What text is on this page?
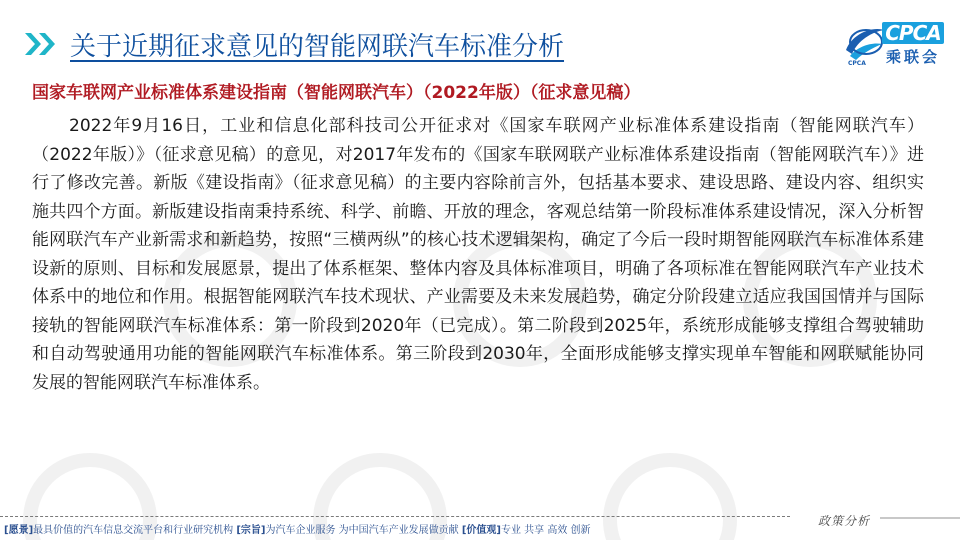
关于近期征求意见的智能网联汽车标准分析	CPCA
乘联会
CPCA
国家车联网产业标准体系建设指南（智能网联汽车）（2022年版）（征求意见稿）

2022年9月16日，工业和信息化部科技司公开征求对《国家车联网产业标准体系建设指南（智能网联汽车）（2022年版）》（征求意见稿）的意见，对2017年发布的《国家车联网联产业标准体系建设指南（智能网联汽车）》进行了修改完善。新版《建设指南》（征求意见稿）的主要内容除前言外，包括基本要求、建设思路、建设内容、组织实施共四个方面。新版建设指南秉持系统、科学、前瞻、开放的理念，客观总结第一阶段标准体系建设情况，深入分析智能网联汽车产业新需求和新趋势，按照“三横两纵”的核心技术逻辑架构，确定了今后一段时期智能网联汽车标准体系建设新的原则、目标和发展愿景，提出了体系框架、整体内容及具体标准项目，明确了各项标准在智能网联汽车产业技术体系中的地位和作用。根据智能网联汽车技术现状、产业需要及未来发展趋势，确定分阶段建立适应我国国情并与国际接轨的智能网联汽车标准体系：第一阶段到2020年（已完成）。第二阶段到2025年，系统形成能够支撑组合驾驶辅助和自动驾驶通用功能的智能网联汽车标准体系。第三阶段到2030年，全面形成能够支撑实现单车智能和网联赋能协同发展的智能网联汽车标准体系。

[愿景]最具价值的汽车信息交流平台和行业研究机构 [宗旨]为汽车企业服务 为中国汽车产业发展做贡献 [价值观]专业 共享 高效 创新
政策分析
